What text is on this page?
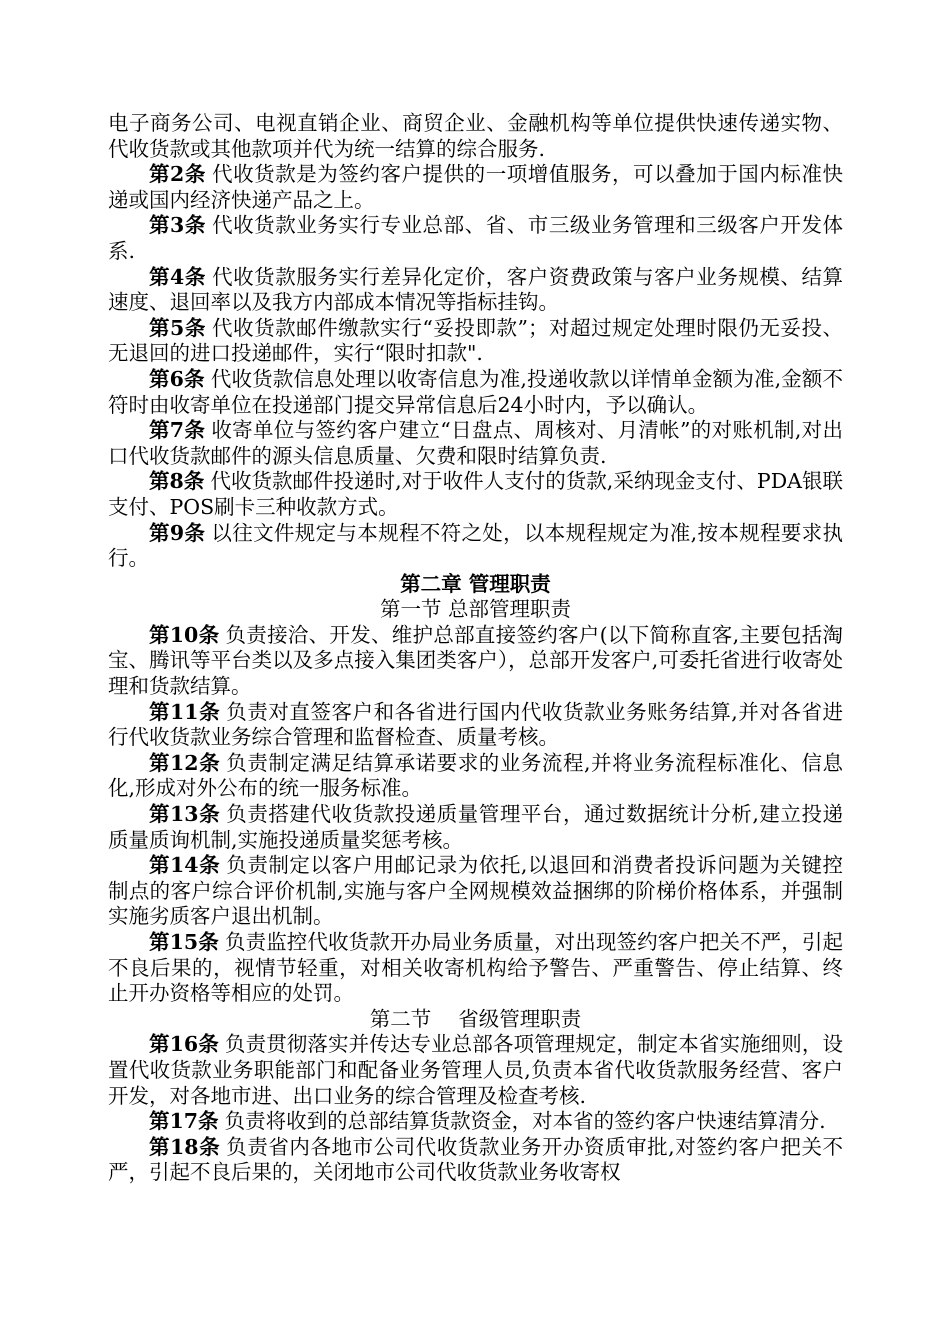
电子商务公司、电视直销企业、商贸企业、金融机构等单位提供快速传递实物、代收货款或其他款项并代为统一结算的综合服务.

第2条 代收货款是为签约客户提供的一项增值服务，可以叠加于国内标准快递或国内经济快递产品之上。

第3条 代收货款业务实行专业总部、省、市三级业务管理和三级客户开发体系.

第4条 代收货款服务实行差异化定价，客户资费政策与客户业务规模、结算速度、退回率以及我方内部成本情况等指标挂钩。

第5条 代收货款邮件缴款实行“妥投即款”；对超过规定处理时限仍无妥投、无退回的进口投递邮件，实行“限时扣款".

第6条 代收货款信息处理以收寄信息为准,投递收款以详情单金额为准,金额不符时由收寄单位在投递部门提交异常信息后24小时内，予以确认。

第7条 收寄单位与签约客户建立“日盘点、周核对、月清帐”的对账机制,对出口代收货款邮件的源头信息质量、欠费和限时结算负责.

第8条 代收货款邮件投递时,对于收件人支付的货款,采纳现金支付、PDA银联支付、POS刷卡三种收款方式。

第9条 以往文件规定与本规程不符之处，以本规程规定为准,按本规程要求执行。

第二章 管理职责

第一节 总部管理职责

第10条 负责接洽、开发、维护总部直接签约客户(以下简称直客,主要包括淘宝、腾讯等平台类以及多点接入集团类客户），总部开发客户,可委托省进行收寄处理和货款结算。

第11条 负责对直签客户和各省进行国内代收货款业务账务结算,并对各省进行代收货款业务综合管理和监督检查、质量考核。

第12条 负责制定满足结算承诺要求的业务流程,并将业务流程标准化、信息化,形成对外公布的统一服务标准。

第13条 负责搭建代收货款投递质量管理平台，通过数据统计分析,建立投递质量质询机制,实施投递质量奖惩考核。

第14条 负责制定以客户用邮记录为依托,以退回和消费者投诉问题为关键控制点的客户综合评价机制,实施与客户全网规模效益捆绑的阶梯价格体系，并强制实施劣质客户退出机制。

第15条 负责监控代收货款开办局业务质量，对出现签约客户把关不严，引起不良后果的，视情节轻重，对相关收寄机构给予警告、严重警告、停止结算、终止开办资格等相应的处罚。

第二节　 省级管理职责

第16条 负责贯彻落实并传达专业总部各项管理规定，制定本省实施细则，设置代收货款业务职能部门和配备业务管理人员,负责本省代收货款服务经营、客户开发，对各地市进、出口业务的综合管理及检查考核.

第17条 负责将收到的总部结算货款资金，对本省的签约客户快速结算清分.

第18条 负责省内各地市公司代收货款业务开办资质审批,对签约客户把关不严，引起不良后果的，关闭地市公司代收货款业务收寄权
